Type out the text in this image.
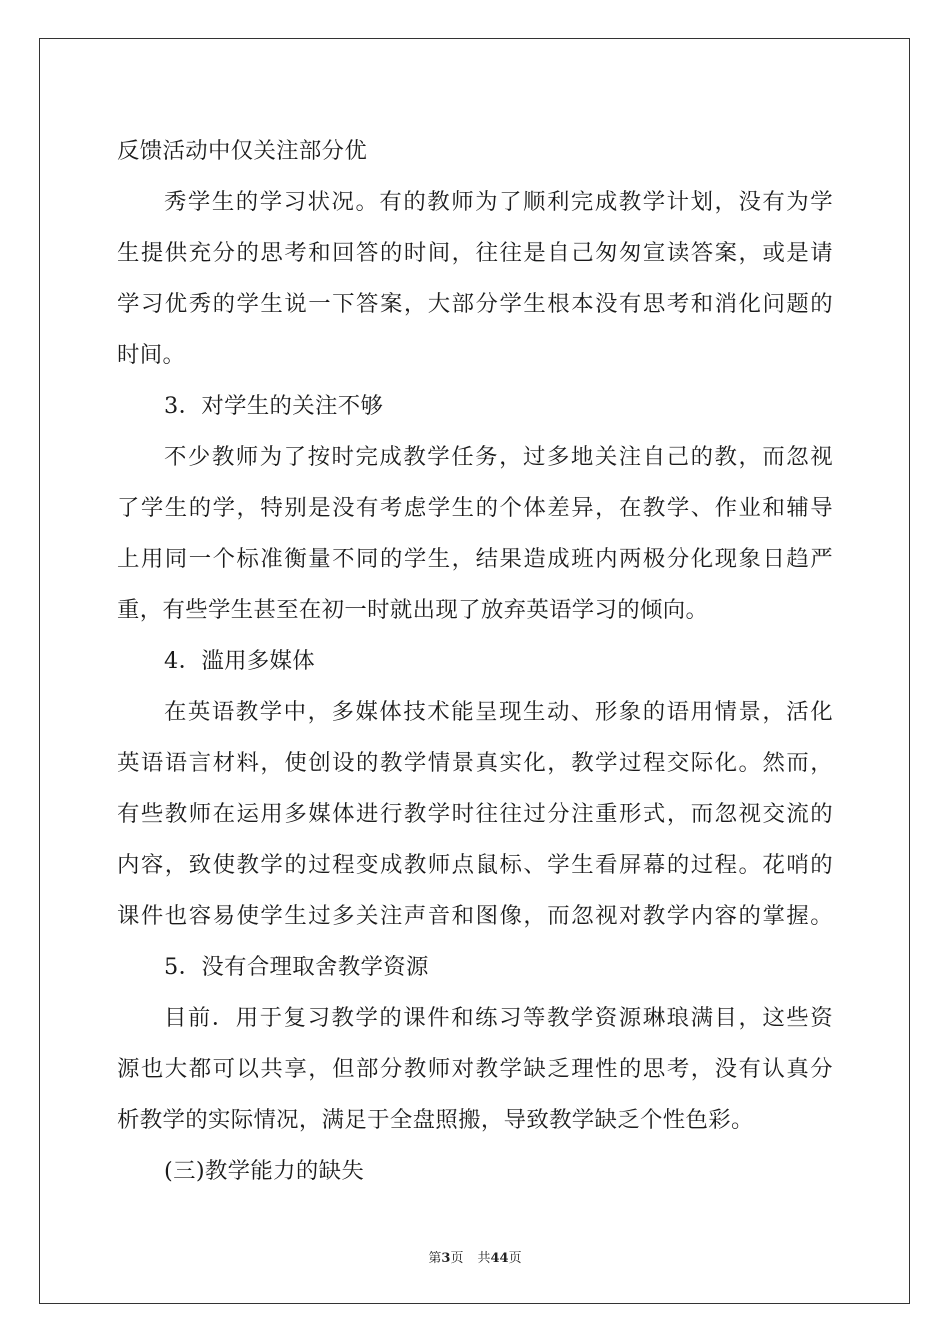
反馈活动中仅关注部分优
秀学生的学习状况。有的教师为了顺利完成教学计划，没有为学
生提供充分的思考和回答的时间，往往是自己匆匆宣读答案，或是请
学习优秀的学生说一下答案，大部分学生根本没有思考和消化问题的
时间。
3．对学生的关注不够
不少教师为了按时完成教学任务，过多地关注自己的教，而忽视
了学生的学，特别是没有考虑学生的个体差异，在教学、作业和辅导
上用同一个标准衡量不同的学生，结果造成班内两极分化现象日趋严
重，有些学生甚至在初一时就出现了放弃英语学习的倾向。
4．滥用多媒体
在英语教学中，多媒体技术能呈现生动、形象的语用情景，活化
英语语言材料，使创设的教学情景真实化，教学过程交际化。然而，
有些教师在运用多媒体进行教学时往往过分注重形式，而忽视交流的
内容，致使教学的过程变成教师点鼠标、学生看屏幕的过程。花哨的
课件也容易使学生过多关注声音和图像，而忽视对教学内容的掌握。
5．没有合理取舍教学资源
目前．用于复习教学的课件和练习等教学资源琳琅满目，这些资
源也大都可以共享，但部分教师对教学缺乏理性的思考，没有认真分
析教学的实际情况，满足于全盘照搬，导致教学缺乏个性色彩。
(三)教学能力的缺失
第3页 共44页
